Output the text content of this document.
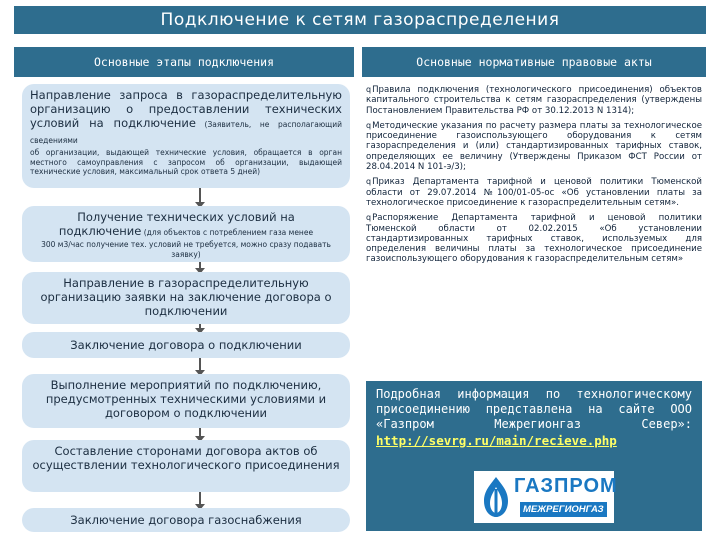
Подключение к сетям газораспределения
Основные этапы подключения	Основные нормативные правовые акты
Направление запроса в газораспределительную организацию о предоставлении технических условий на подключение (Заявитель, не располагающий сведениями
об организации, выдающей технические условия, обращается в орган местного самоуправления с запросом об организации, выдающей технические условия, максимальный срок ответа 5 дней)
Получение технических условий на
подключение (для объектов с потреблением газа менее
300 м3/час получение тех. условий не требуется, можно сразу подавать заявку)
Направление в газораспределительную организацию заявки на заключение договора о подключении
Заключение договора о подключении
Выполнение мероприятий по подключению, предусмотренных техническими условиями и договором о подключении
Составление сторонами договора актов об осуществлении технологического присоединения
Заключение договора газоснабжения
qПравила подключения (технологического присоединения) объектов капитального строительства к сетям газораспределения (утверждены Постановлением Правительства РФ от 30.12.2013 N 1314);
qМетодические указания по расчету размера платы за технологическое присоединение газоиспользующего оборудования к сетям газораспределения и (или) стандартизированных тарифных ставок, определяющих ее величину (Утверждены Приказом ФСТ России от 28.04.2014 N 101-э/3);
qПриказ Департамента тарифной и ценовой политики Тюменской области от 29.07.2014 №100/01-05-ос «Об установлении платы за технологическое присоединение к газораспределительным сетям».
qРаспоряжение Департамента тарифной и ценовой политики Тюменской области от 02.02.2015 «Об установлении стандартизированных тарифных ставок, используемых для определения величины платы за технологическое присоединение газоиспользующего оборудования к газораспределительным сетям»
Подробная информация по технологическому присоединению представлена на сайте ООО «Газпром Межрегионгаз Север»:
http://sevrg.ru/main/recieve.php
ГАЗПРОМ
МЕЖРЕГИОНГАЗ
